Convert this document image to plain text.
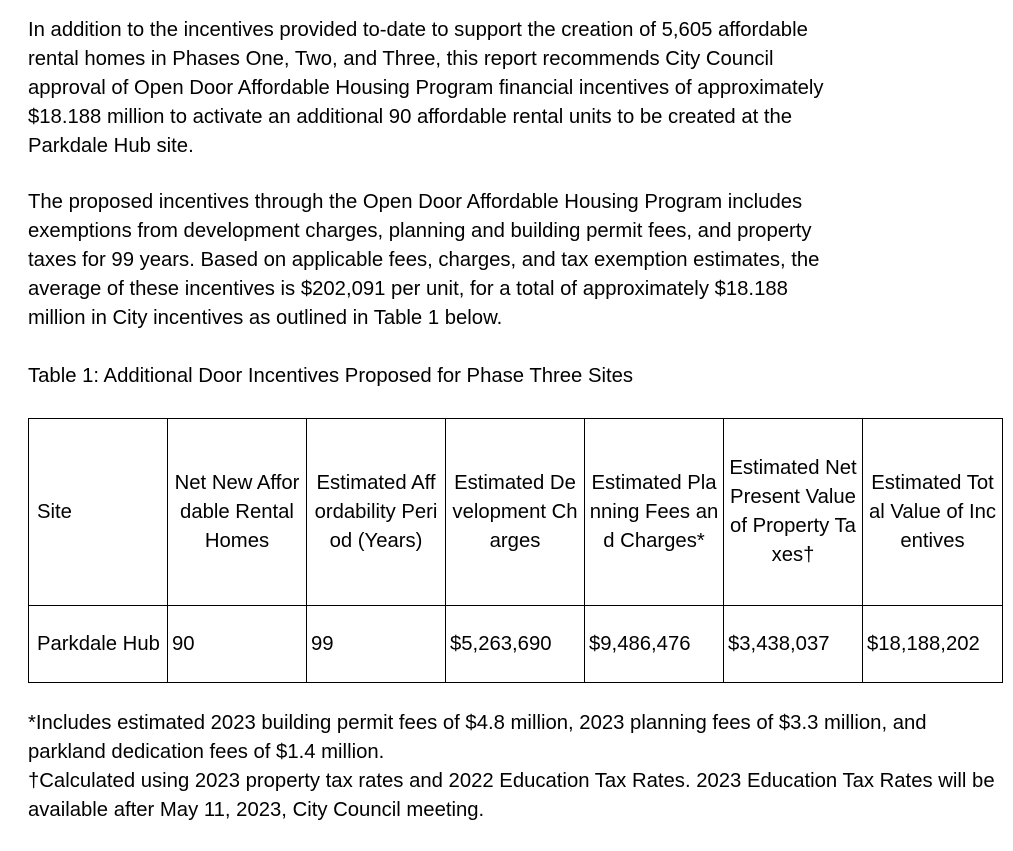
In addition to the incentives provided to-date to support the creation of 5,605 affordable
rental homes in Phases One, Two, and Three, this report recommends City Council
approval of Open Door Affordable Housing Program financial incentives of approximately
$18.188 million to activate an additional 90 affordable rental units to be created at the
Parkdale Hub site.

The proposed incentives through the Open Door Affordable Housing Program includes
exemptions from development charges, planning and building permit fees, and property
taxes for 99 years. Based on applicable fees, charges, and tax exemption estimates, the
average of these incentives is $202,091 per unit, for a total of approximately $18.188
million in City incentives as outlined in Table 1 below.

Table 1: Additional Door Incentives Proposed for Phase Three Sites

Site	Net New Affordable Rental Homes	Estimated Affordability Period (Years)	Estimated Development Charges	Estimated Planning Fees and Charges*	Estimated Net Present Value of Property Taxes†	Estimated Total Value of Incentives
Parkdale Hub	90	99	$5,263,690	$9,486,476	$3,438,037	$18,188,202

*Includes estimated 2023 building permit fees of $4.8 million, 2023 planning fees of $3.3 million, and parkland dedication fees of $1.4 million.

†Calculated using 2023 property tax rates and 2022 Education Tax Rates. 2023 Education Tax Rates will be available after May 11, 2023, City Council meeting.
